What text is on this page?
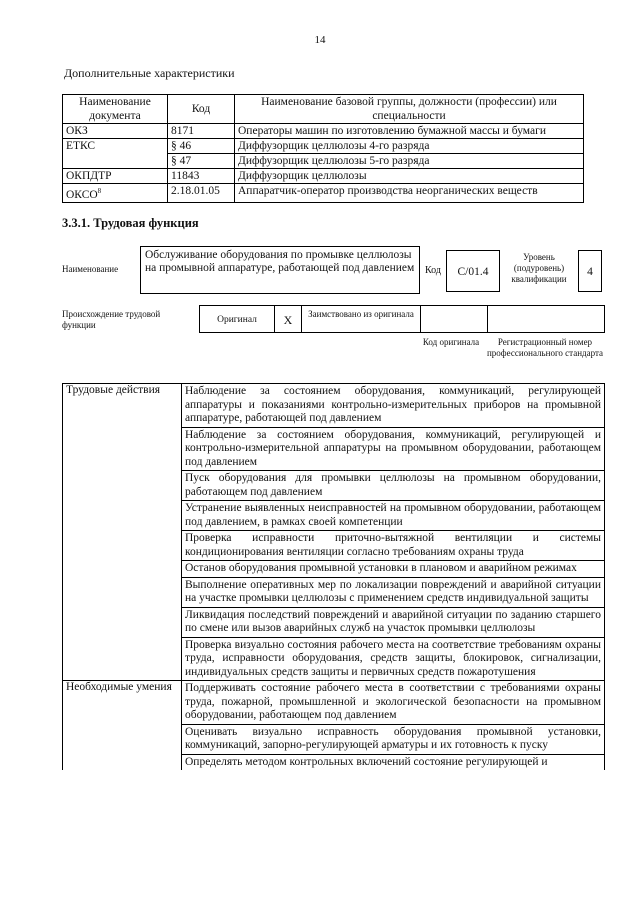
14
Дополнительные характеристики
Наименование документа	Код	Наименование базовой группы, должности (профессии) или специальности
ОКЗ	8171	Операторы машин по изготовлению бумажной массы и бумаги
ЕТКС	§ 46	Диффузорщик целлюлозы 4-го разряда
	§ 47	Диффузорщик целлюлозы 5-го разряда
ОКПДТР	11843	Диффузорщик целлюлозы
ОКСО$^8$	2.18.01.05	Аппаратчик-оператор производства неорганических веществ
3.3.1. Трудовая функция
Наименование
Обслуживание оборудования по промывке целлюлозы на промывной аппаратуре, работающей под давлением	Код	C/01.4
Уровень (подуровень) квалификации
4
Происхождение трудовой функции	Оригинал	X	Заимствовано из оригинала
Код оригинала	Регистрационный номер профессионального стандарта
Трудовые действия	Наблюдение за состоянием оборудования, коммуникаций, регулирующей аппаратуры и показаниями контрольно-измерительных приборов на промывной аппаратуре, работающей под давлением
	Наблюдение за состоянием оборудования, коммуникаций, регулирующей и контрольно-измерительной аппаратуры на промывном оборудовании, работающем под давлением
	Пуск оборудования для промывки целлюлозы на промывном оборудовании, работающем под давлением
	Устранение выявленных неисправностей на промывном оборудовании, работающем под давлением, в рамках своей компетенции
	Проверка исправности приточно-вытяжной вентиляции и системы кондиционирования вентиляции согласно требованиям охраны труда
	Останов оборудования промывной установки в плановом и аварийном режимах
	Выполнение оперативных мер по локализации повреждений и аварийной ситуации на участке промывки целлюлозы с применением средств индивидуальной защиты
	Ликвидация последствий повреждений и аварийной ситуации по заданию старшего по смене или вызов аварийных служб на участок промывки целлюлозы
	Проверка визуально состояния рабочего места на соответствие требованиям охраны труда, исправности оборудования, средств защиты, блокировок, сигнализации, индивидуальных средств защиты и первичных средств пожаротушения
Необходимые умения	Поддерживать состояние рабочего места в соответствии с требованиями охраны труда, пожарной, промышленной и экологической безопасности на промывном оборудовании, работающем под давлением
	Оценивать визуально исправность оборудования промывной установки, коммуникаций, запорно-регулирующей арматуры и их готовность к пуску
	Определять методом контрольных включений состояние регулирующей и
